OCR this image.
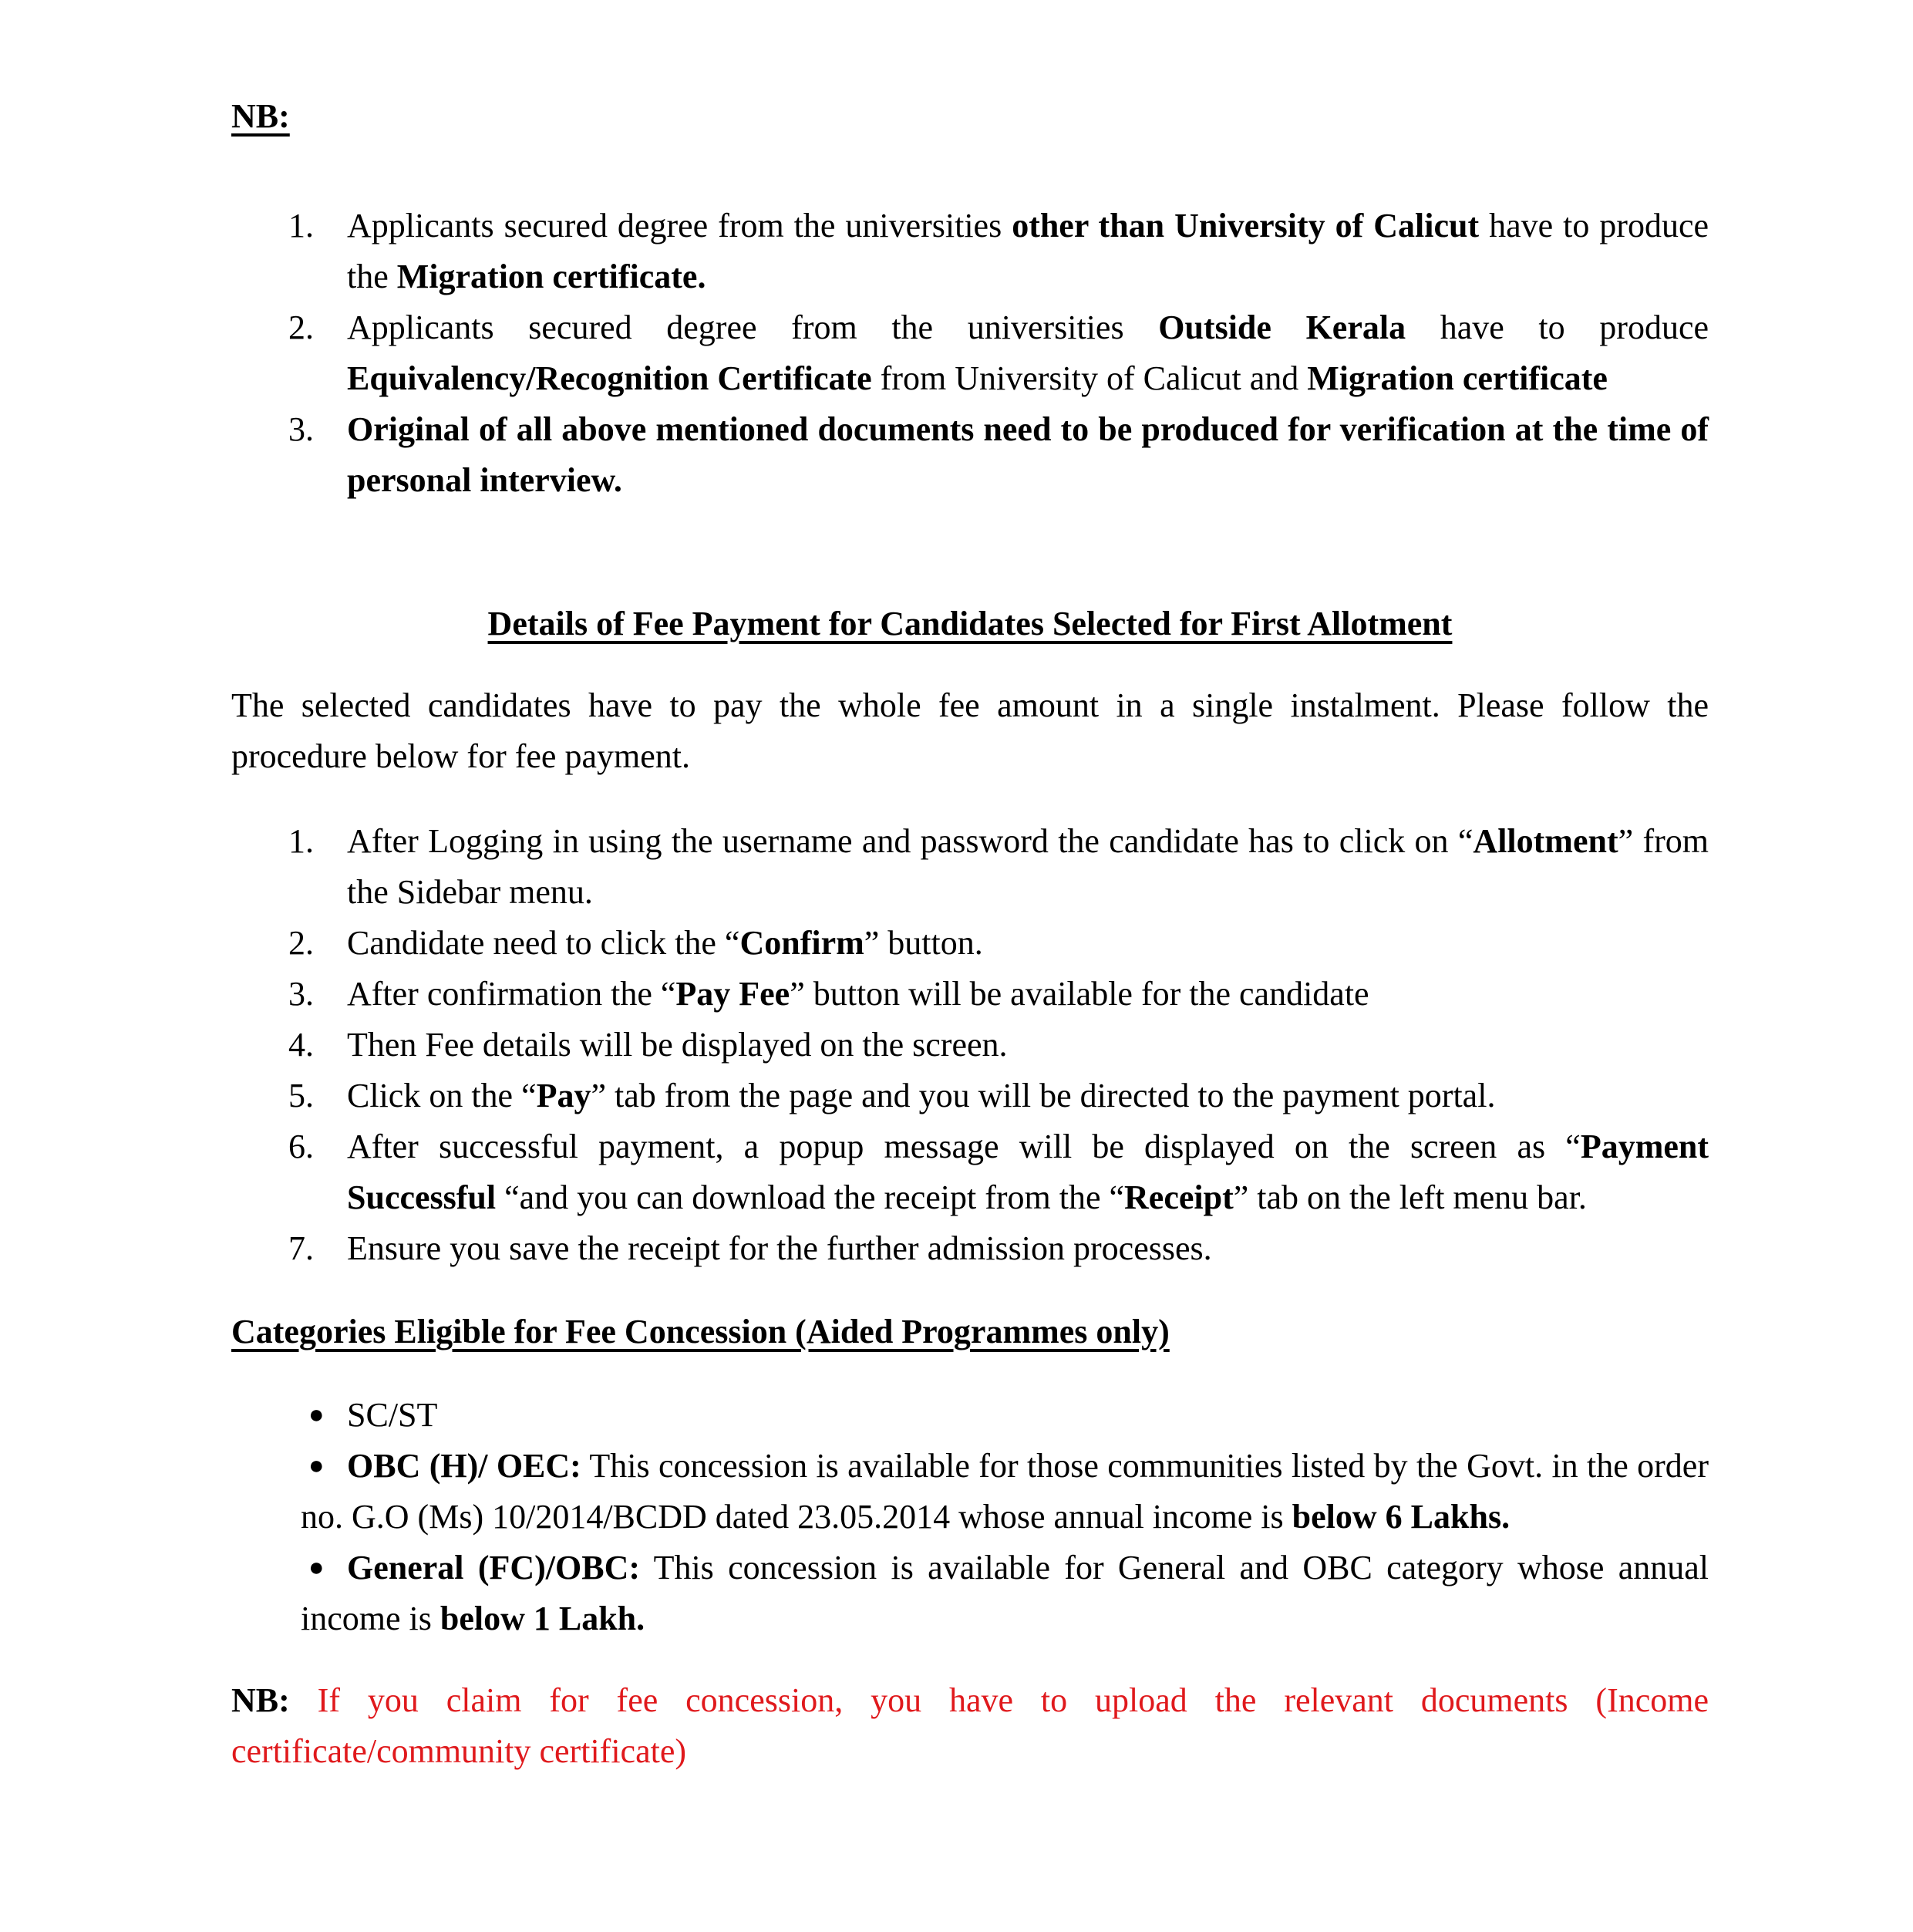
NB:
1. Applicants secured degree from the universities other than University of Calicut have to produce the Migration certificate.
2. Applicants secured degree from the universities Outside Kerala have to produce Equivalency/Recognition Certificate from University of Calicut and Migration certificate
3. Original of all above mentioned documents need to be produced for verification at the time of personal interview.
Details of Fee Payment for Candidates Selected for First Allotment

The selected candidates have to pay the whole fee amount in a single instalment. Please follow the procedure below for fee payment.

1. After Logging in using the username and password the candidate has to click on “Allotment” from the Sidebar menu.
2. Candidate need to click the “Confirm” button.
3. After confirmation the “Pay Fee” button will be available for the candidate
4. Then Fee details will be displayed on the screen.
5. Click on the “Pay” tab from the page and you will be directed to the payment portal.
6. After successful payment, a popup message will be displayed on the screen as “Payment Successful “and you can download the receipt from the “Receipt” tab on the left menu bar.
7. Ensure you save the receipt for the further admission processes.
Categories Eligible for Fee Concession (Aided Programmes only)
● SC/ST
● OBC (H)/ OEC: This concession is available for those communities listed by the Govt. in the order no. G.O (Ms) 10/2014/BCDD dated 23.05.2014 whose annual income is below 6 Lakhs.
● General (FC)/OBC: This concession is available for General and OBC category whose annual income is below 1 Lakh.

NB: If you claim for fee concession, you have to upload the relevant documents (Income certificate/community certificate)
